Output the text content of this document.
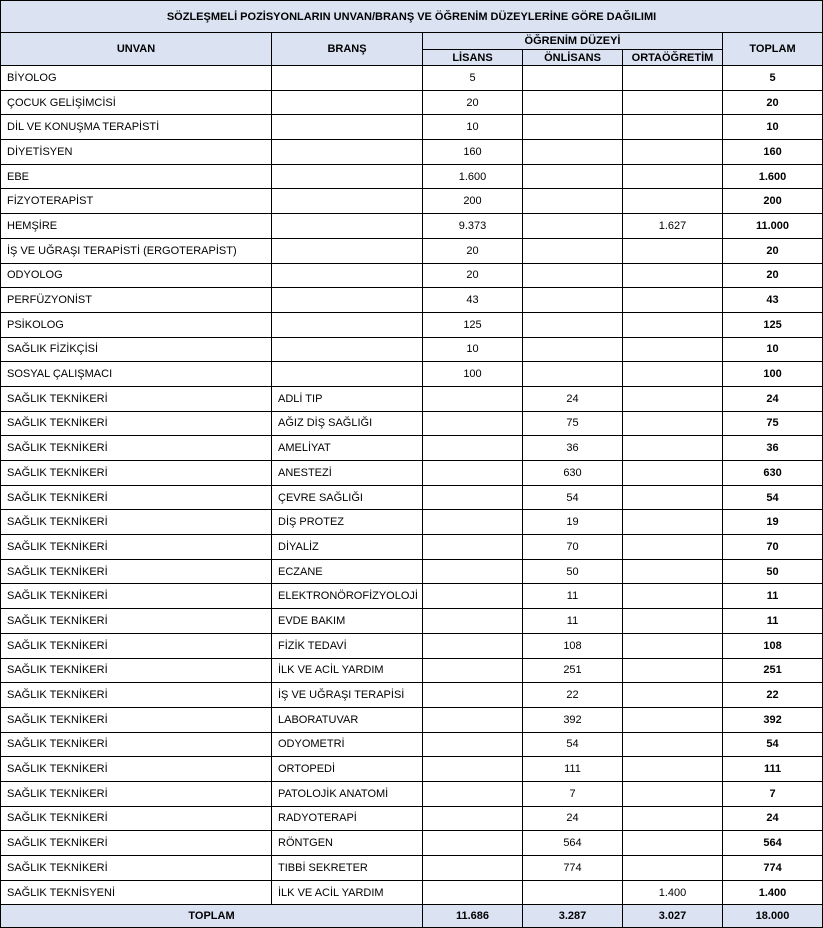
SÖZLEŞMELİ POZİSYONLARIN UNVAN/BRANŞ VE ÖĞRENİM DÜZEYLERİNE GÖRE DAĞILIMI					
UNVAN	BRANŞ	ÖĞRENİM DÜZEYİ			TOPLAM
		LİSANS	ÖNLİSANS	ORTAÖĞRETİM	
BİYOLOG		5			5
ÇOCUK GELİŞİMCİSİ		20			20
DİL VE KONUŞMA TERAPİSTİ		10			10
DİYETİSYEN		160			160
EBE		1.600			1.600
FİZYOTERAPİST		200			200
HEMŞİRE		9.373		1.627	11.000
İŞ VE UĞRAŞI TERAPİSTİ (ERGOTERAPİST)		20			20
ODYOLOG		20			20
PERFÜZYONİST		43			43
PSİKOLOG		125			125
SAĞLIK FİZİKÇİSİ		10			10
SOSYAL ÇALIŞMACI		100			100
SAĞLIK TEKNİKERİ	ADLİ TIP		24		24
SAĞLIK TEKNİKERİ	AĞIZ DİŞ SAĞLIĞI		75		75
SAĞLIK TEKNİKERİ	AMELİYAT		36		36
SAĞLIK TEKNİKERİ	ANESTEZİ		630		630
SAĞLIK TEKNİKERİ	ÇEVRE SAĞLIĞI		54		54
SAĞLIK TEKNİKERİ	DİŞ PROTEZ		19		19
SAĞLIK TEKNİKERİ	DİYALİZ		70		70
SAĞLIK TEKNİKERİ	ECZANE		50		50
SAĞLIK TEKNİKERİ	ELEKTRONÖROFİZYOLOJİ		11		11
SAĞLIK TEKNİKERİ	EVDE BAKIM		11		11
SAĞLIK TEKNİKERİ	FİZİK TEDAVİ		108		108
SAĞLIK TEKNİKERİ	İLK VE ACİL YARDIM		251		251
SAĞLIK TEKNİKERİ	İŞ VE UĞRAŞI TERAPİSİ		22		22
SAĞLIK TEKNİKERİ	LABORATUVAR		392		392
SAĞLIK TEKNİKERİ	ODYOMETRİ		54		54
SAĞLIK TEKNİKERİ	ORTOPEDİ		111		111
SAĞLIK TEKNİKERİ	PATOLOJİK ANATOMİ		7		7
SAĞLIK TEKNİKERİ	RADYOTERAPİ		24		24
SAĞLIK TEKNİKERİ	RÖNTGEN		564		564
SAĞLIK TEKNİKERİ	TIBBİ SEKRETER		774		774
SAĞLIK TEKNİSYENİ	İLK VE ACİL YARDIM			1.400	1.400
TOPLAM		11.686	3.287	3.027	18.000
